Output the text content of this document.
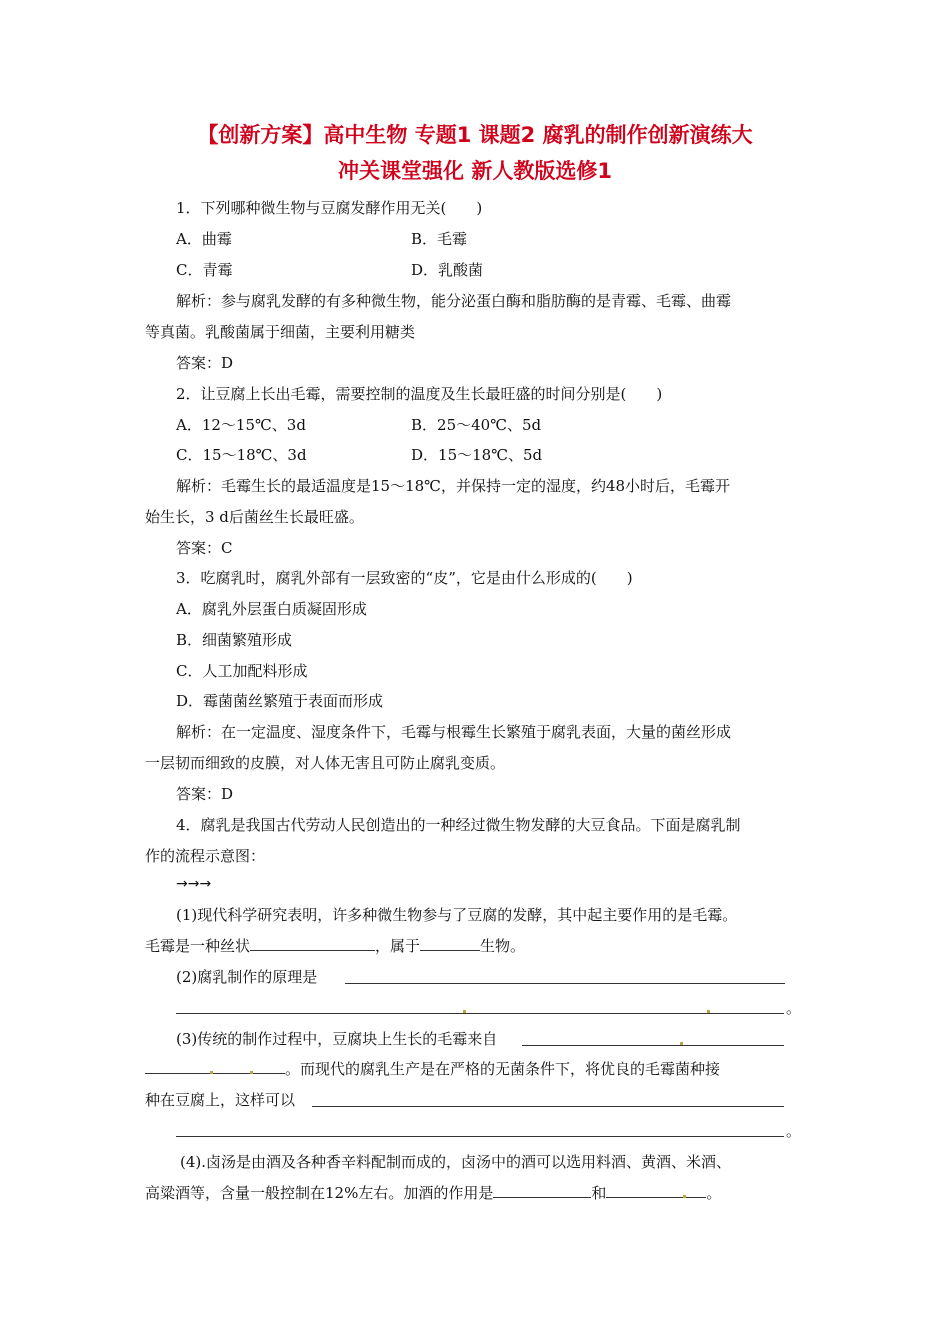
【创新方案】高中生物 专题1 课题2 腐乳的制作创新演练大
冲关课堂强化 新人教版选修1
1．下列哪种微生物与豆腐发酵作用无关(　　)
A．曲霉	B．毛霉
C．青霉	D．乳酸菌
解析：参与腐乳发酵的有多种微生物，能分泌蛋白酶和脂肪酶的是青霉、毛霉、曲霉
等真菌。乳酸菌属于细菌，主要利用糖类
答案：D
2．让豆腐上长出毛霉，需要控制的温度及生长最旺盛的时间分别是(　　)
A．12～15℃、3d	B．25～40℃、5d
C．15～18℃、3d	D．15～18℃、5d
解析：毛霉生长的最适温度是15～18℃，并保持一定的湿度，约48小时后，毛霉开
始生长，3 d后菌丝生长最旺盛。
答案：C
3．吃腐乳时，腐乳外部有一层致密的“皮”，它是由什么形成的(　　)
A．腐乳外层蛋白质凝固形成
B．细菌繁殖形成
C．人工加配料形成
D．霉菌菌丝繁殖于表面而形成
解析：在一定温度、湿度条件下，毛霉与根霉生长繁殖于腐乳表面，大量的菌丝形成
一层韧而细致的皮膜，对人体无害且可防止腐乳变质。
答案：D
4．腐乳是我国古代劳动人民创造出的一种经过微生物发酵的大豆食品。下面是腐乳制
作的流程示意图：
→→→
(1)现代科学研究表明，许多种微生物参与了豆腐的发酵，其中起主要作用的是毛霉。
毛霉是一种丝状	，属于	生物。
(2)腐乳制作的原理是
。
(3)传统的制作过程中，豆腐块上生长的毛霉来自
。而现代的腐乳生产是在严格的无菌条件下，将优良的毛霉菌种接
种在豆腐上，这样可以
。
(4).卤汤是由酒及各种香辛料配制而成的，卤汤中的酒可以选用料酒、黄酒、米酒、
高粱酒等，含量一般控制在12%左右。加酒的作用是	和	。
